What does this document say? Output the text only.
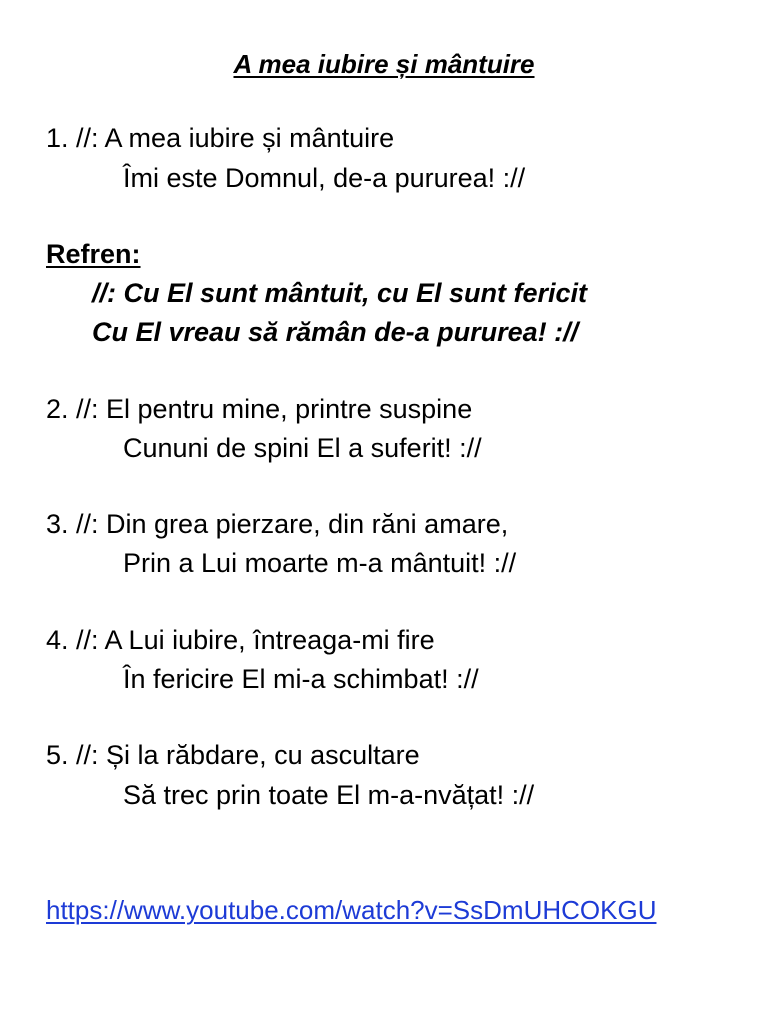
A mea iubire și mântuire
1. //: A mea iubire și mântuire
Îmi este Domnul, de-a pururea! ://
Refren:
//: Cu El sunt mântuit, cu El sunt fericit
Cu El vreau să rămân de-a pururea! ://
2. //: El pentru mine, printre suspine
Cununi de spini El a suferit! ://
3. //: Din grea pierzare, din răni amare,
Prin a Lui moarte m-a mântuit! ://
4. //: A Lui iubire, întreaga-mi fire
În fericire El mi-a schimbat! ://
5. //: Și la răbdare, cu ascultare
Să trec prin toate El m-a-nvățat! ://
https://www.youtube.com/watch?v=SsDmUHCOKGU
